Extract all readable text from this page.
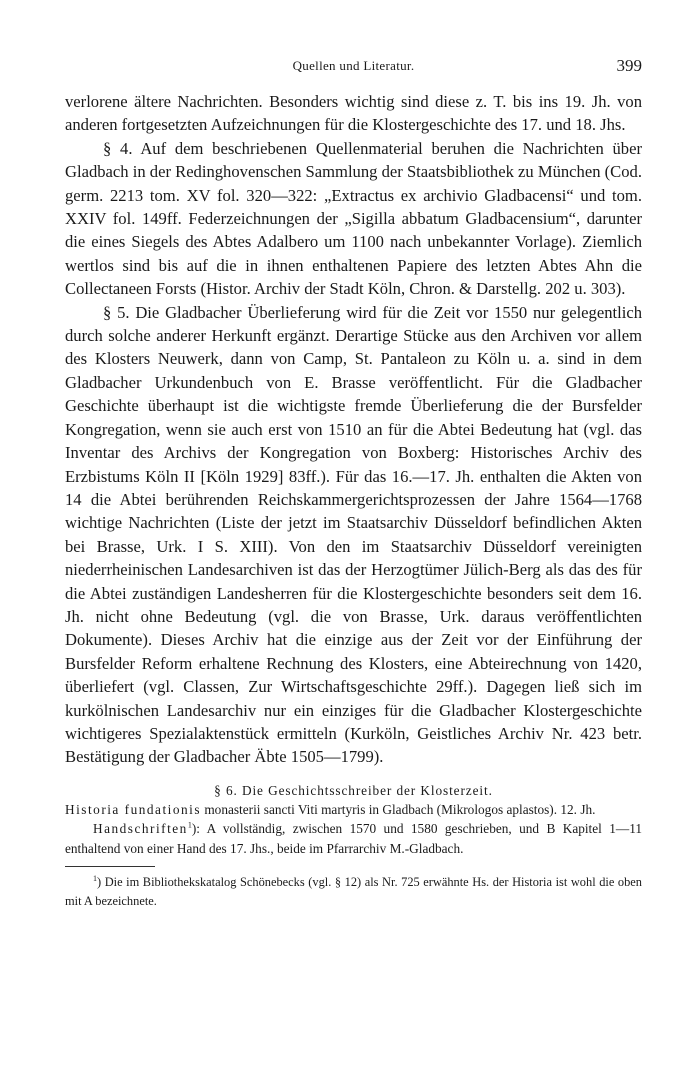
Quellen und Literatur.	399

verlorene ältere Nachrichten. Besonders wichtig sind diese z. T. bis ins 19. Jh. von anderen fortgesetzten Aufzeichnungen für die Klostergeschichte des 17. und 18. Jhs.

§ 4. Auf dem beschriebenen Quellenmaterial beruhen die Nachrichten über Gladbach in der Redinghovenschen Sammlung der Staatsbibliothek zu München (Cod. germ. 2213 tom. XV fol. 320—322: „Extractus ex archivio Gladbacensi“ und tom. XXIV fol. 149ff. Federzeichnungen der „Sigilla abbatum Gladbacensium“, darunter die eines Siegels des Abtes Adalbero um 1100 nach unbekannter Vorlage). Ziemlich wertlos sind bis auf die in ihnen enthaltenen Papiere des letzten Abtes Ahn die Collectaneen Forsts (Histor. Archiv der Stadt Köln, Chron. & Darstellg. 202 u. 303).

§ 5. Die Gladbacher Überlieferung wird für die Zeit vor 1550 nur gelegentlich durch solche anderer Herkunft ergänzt. Derartige Stücke aus den Archiven vor allem des Klosters Neuwerk, dann von Camp, St. Pantaleon zu Köln u. a. sind in dem Gladbacher Urkundenbuch von E. Brasse veröffentlicht. Für die Gladbacher Geschichte überhaupt ist die wichtigste fremde Überlieferung die der Bursfelder Kongregation, wenn sie auch erst von 1510 an für die Abtei Bedeutung hat (vgl. das Inventar des Archivs der Kongregation von Boxberg: Historisches Archiv des Erzbistums Köln II [Köln 1929] 83ff.). Für das 16.—17. Jh. enthalten die Akten von 14 die Abtei berührenden Reichskammergerichtsprozessen der Jahre 1564—1768 wichtige Nachrichten (Liste der jetzt im Staatsarchiv Düsseldorf befindlichen Akten bei Brasse, Urk. I S. XIII). Von den im Staatsarchiv Düsseldorf vereinigten niederrheinischen Landesarchiven ist das der Herzogtümer Jülich-Berg als das des für die Abtei zuständigen Landesherren für die Klostergeschichte besonders seit dem 16. Jh. nicht ohne Bedeutung (vgl. die von Brasse, Urk. daraus veröffentlichten Dokumente). Dieses Archiv hat die einzige aus der Zeit vor der Einführung der Bursfelder Reform erhaltene Rechnung des Klosters, eine Abteirechnung von 1420, überliefert (vgl. Classen, Zur Wirtschaftsgeschichte 29ff.). Dagegen ließ sich im kurkölnischen Landesarchiv nur ein einziges für die Gladbacher Klostergeschichte wichtigeres Spezialaktenstück ermitteln (Kurköln, Geistliches Archiv Nr. 423 betr. Bestätigung der Gladbacher Äbte 1505—1799).

§ 6. Die Geschichtsschreiber der Klosterzeit.

Historia fundationis monasterii sancti Viti martyris in Gladbach (Mikrologos aplastos). 12. Jh.

Handschriften$^1$): A vollständig, zwischen 1570 und 1580 geschrieben, und B Kapitel 1—11 enthaltend von einer Hand des 17. Jhs., beide im Pfarrarchiv M.-Gladbach.

$^1$) Die im Bibliothekskatalog Schönebecks (vgl. § 12) als Nr. 725 erwähnte Hs. der Historia ist wohl die oben mit A bezeichnete.
